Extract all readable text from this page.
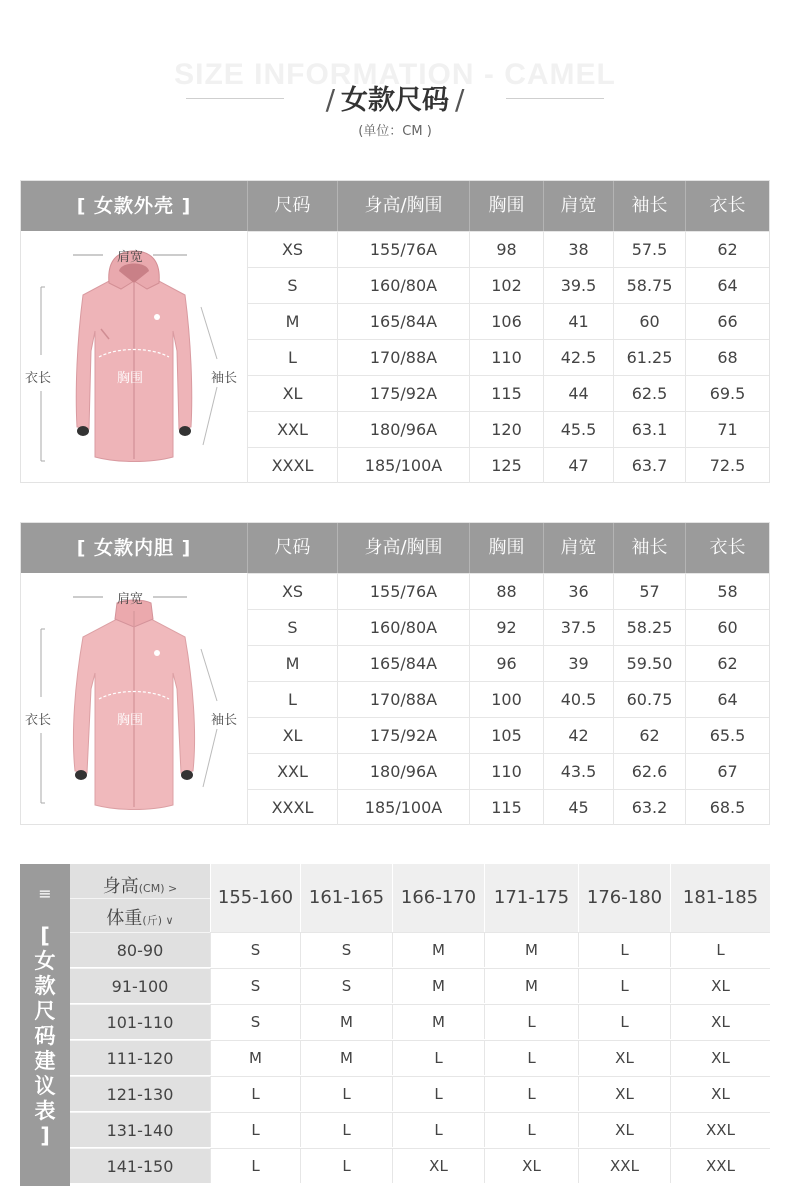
SIZE INFORMATION - CAMEL
/ 女款尺码 /
(单位：CM )
[ 女款外壳 ]	尺码	身高/胸围	胸围	肩宽	袖长	衣长
肩宽
衣长	胸围	袖长
XS	155/76A	98	38	57.5	62
S	160/80A	102	39.5	58.75	64
M	165/84A	106	41	60	66
L	170/88A	110	42.5	61.25	68
XL	175/92A	115	44	62.5	69.5
XXL	180/96A	120	45.5	63.1	71
XXXL	185/100A	125	47	63.7	72.5
[ 女款内胆 ]	尺码	身高/胸围	胸围	肩宽	袖长	衣长
肩宽
衣长	胸围	袖长
XS	155/76A	88	36	57	58
S	160/80A	92	37.5	58.25	60
M	165/84A	96	39	59.50	62
L	170/88A	100	40.5	60.75	64
XL	175/92A	105	42	62	65.5
XXL	180/96A	110	43.5	62.6	67
XXXL	185/100A	115	45	63.2	68.5
≡
[
女
款
尺
码
建
议
表
]
身高(CM) >
体重(斤) ∨
155-160 161-165 166-170 171-175 176-180	181-185
80-90	S	S	M	M	L	L
91-100	S	S	M	M	L	XL
101-110	S	M	M	L	L	XL
111-120	M	M	L	L	XL	XL
121-130	L	L	L	L	XL	XL
131-140	L	L	L	L	XL	XXL
141-150	L	L	XL	XL	XXL	XXL
